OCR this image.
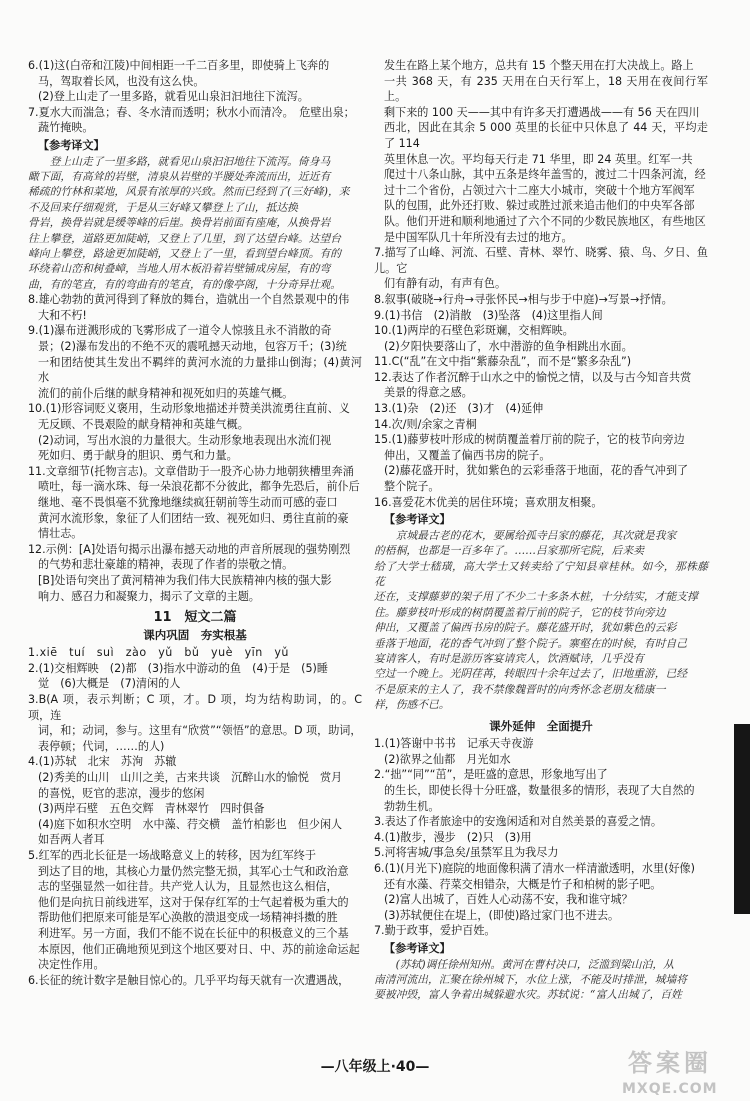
6.(1)这(白帝和江陵)中间相距一千二百多里，即使骑上飞奔的

马，驾取着长风，也没有这么快。

(2)登上山走了一里多路，就看见山泉汩汩地往下流泻。

7.夏水大而湍急；春、冬水清而透明；秋水小而清冷。　危壁出泉；

蔬竹掩映。

【参考译文】

登上山走了一里多路，就看见山泉汩汩地往下流泻。倚身马

瞰下面，有高耸的岩壁，清泉从岩壁的半腰处奔流而出，近近有

稀疏的竹林和菜地，风景有浓厚的兴致。然而已经到了(三好峰)，来

不及回来仔细观赏，于是从三好峰又攀登上了山，抵达换

骨岩，换骨岩就是缓等峰的后崖。换骨岩前面有座庵，从换骨岩

往上攀登，道路更加陡峭，又登上了几里，到了达望台峰。达望台

峰向上攀登，路途更加陡峭，又登上了一里，看到望台峰顶。有的

环绕着山峦和树叠嶂，当地人用木板沿着岩壁铺成房屋，有的弯

曲，有的笔直，有的弯曲有的笔直，有的像亭阁，十分奇异壮观。

8.雄心勃勃的黄河得到了释放的舞台，造就出一个自然景观中的伟

大和不朽!

9.(1)瀑布迸溅形成的飞雾形成了一道令人惊骇且永不消散的奇

景；(2)瀑布发出的不绝不灭的震吼撼天动地，包容万千；(3)统

一和团结使其生发出不羁绊的黄河水流的力量排山倒海；(4)黄河水

流们的前仆后继的献身精神和视死如归的英雄气概。

10.(1)形容词贬义褒用，生动形象地描述并赞美洪流勇往直前、义

无反顾、不畏艰险的献身精神和英雄气概。

(2)动词，写出水浪的力量很大。生动形象地表现出水流们视

死如归、勇于献身的胆识、勇气和力量。

11.文章细节(托物言志)。文章借助于一股齐心协力地朝狭槽里奔涌

喷吐，每一滴水珠、每一朵浪花都不分彼此，都争先恐后，前仆后

继地、毫不畏惧毫不犹豫地继续疯狂朝前等生动而可感的壶口

黄河水流形象，象征了人们团结一致、视死如归、勇往直前的豪

情壮志。

12.示例：[A]处语句揭示出瀑布撼天动地的声音所展现的强势刚烈

的气势和悲壮豪雄的精神，表现了作者的崇敬之情。

[B]处语句突出了黄河精神为我们伟大民族精神内核的强大影

响力、感召力和凝聚力，揭示了文章的主题。

11　短文二篇
课内巩固　夯实根基

1.xiē　tuí　suì　zào　yǔ　bǔ　yuè　yīn　yǔ

2.(1)交相辉映　(2)都　(3)指水中游动的鱼　(4)于是　(5)睡

觉　(6)大概是　(7)清闲的人

3.B(A 项，表示判断；C 项，才。D 项，均为结构助词，的。C 项，连

词，和；动词，参与。这里有“欣赏”“领悟”的意思。D 项，助词，

表停顿；代词，……的人)

4.(1)苏轼　北宋　苏洵　苏辙

(2)秀美的山川　山川之美，古来共谈　沉醉山水的愉悦　赏月

的喜悦，贬官的悲凉，漫步的悠闲

(3)两岸石壁　五色交辉　青林翠竹　四时俱备

(4)庭下如积水空明　水中藻、荇交横　盖竹柏影也　但少闲人

如吾两人者耳

5.红军的西北长征是一场战略意义上的转移，因为红军终于

到达了目的地，其核心力量仍然完整无损，其军心士气和政治意

志的坚强显然一如往昔。共产党人认为，且显然也这么相信，

他们是向抗日前线进军，这对于保存红军的士气起着极为重大的

帮助他们把原来可能是军心涣散的溃退变成一场精神抖擞的胜

利进军。另一方面，我们不能不说在长征中的积极意义的三个基

本原因，他们正确地预见到这个地区要对日、中、苏的前途命运起

决定性作用。

6.长征的统计数字是触目惊心的。几乎平均每天就有一次遭遇战，

发生在路上某个地方，总共有 15 个整天用在打大决战上。路上

一共 368 天，有 235 天用在白天行军上，18 天用在夜间行军上。

剩下来的 100 天——其中有许多天打遭遇战——有 56 天在四川

西北，因此在其余 5 000 英里的长征中只休息了 44 天，平均走了 114

英里休息一次。平均每天行走 71 华里，即 24 英里。红军一共

爬过十八条山脉，其中五条是终年盖雪的，渡过二十四条河流，经

过十二个省份，占领过六十二座大小城市，突破十个地方军阀军

队的包围，此外还打败、躲过或胜过派来追击他们的中央军各部

队。他们开进和顺利地通过了六个不同的少数民族地区，有些地区

是中国军队几十年所没有去过的地方。

7.描写了山峰、河流、石壁、青林、翠竹、晓雾、猿、鸟、夕日、鱼儿。它

们有静有动，有声有色。

8.叙事(破晓→行舟→寻张怀民→相与步于中庭)→写景→抒情。

9.(1)书信　(2)消散　(3)坠落　(4)这里指人间

10.(1)两岸的石壁色彩斑斓，交相辉映。

(2)夕阳快要落山了，水中潜游的鱼争相跳出水面。

11.C(“乱”在文中指“紫藤杂乱”，而不是“繁多杂乱”)

12.表达了作者沉醉于山水之中的愉悦之情，以及与古今知音共赏

美景的得意之感。

13.(1)杂　(2)还　(3)才　(4)延伸

14.次/则/余家之青桐

15.(1)藤萝枝叶形成的树荫覆盖着厅前的院子，它的枝节向旁边

伸出，又覆盖了偏西书房的院子。

(2)藤花盛开时，犹如紫色的云彩垂落于地面，花的香气冲到了

整个院子。

16.喜爱花木优美的居住环境；喜欢朋友相聚。

【参考译文】

京城最古老的花木，要属给孤寺吕家的藤花，其次就是我家

的梧桐，也都是一百多年了。……吕家那所宅院，后来卖

给了大学士嵇璜，高大学士又转卖给了宁知县章桂林。如今，那株藤花

还在，支撑藤萝的架子用了不少二十多条木桩，十分结实，才能支撑

住。藤萝枝叶形成的树荫覆盖着厅前的院子，它的枝节向旁边

伸出，又覆盖了偏西书房的院子。藤花盛开时，犹如紫色的云彩

垂落于地面，花的香气冲到了整个院子。寨壑在的时候，有时自己

宴请客人，有时是游历客宴请宾人，饮酒赋诗，几乎没有

空过一个晚上。光阴荏苒，转眼四十余年过去了，旧地重游，已经

不是原来的主人了，我不禁像魏晋时的向秀怀念老朋友嵇康一

样，伤感不已。

课外延伸　全面提升

1.(1)答谢中书书　记承天寺夜游

(2)欲界之仙都　月光如水

2.“拙”“同”“茁”，是旺盛的意思，形象地写出了

的生长，即使长得十分旺盛，数量很多的情形，表现了大自然的

勃勃生机。

3.表达了作者旅途中的安逸闲适和对自然美景的喜爱之情。

4.(1)散步，漫步　(2)只　(3)用

5.河将害城/事急矣/虽禁军且为我尽力

6.(1)(月光下)庭院的地面像积满了清水一样清澈透明，水里(好像)

还有水藻、荇菜交相错杂，大概是竹子和柏树的影子吧。

(2)富人出城了，百姓人心动荡不安，我和谁守城？

(3)苏轼便住在堤上，(即使)路过家门也不进去。

7.勤于政事，爱护百姓。

【参考译文】

(苏轼)调任徐州知州。黄河在曹村决口，泛滥到梁山泊，从

南清河流出，汇聚在徐州城下，水位上涨，不能及时排泄，城墙将

要被冲毁，富人争着出城躲避水灾。苏轼说：“富人出城了，百姓

—八年级上·40—	答案圈
MXQE.COM
